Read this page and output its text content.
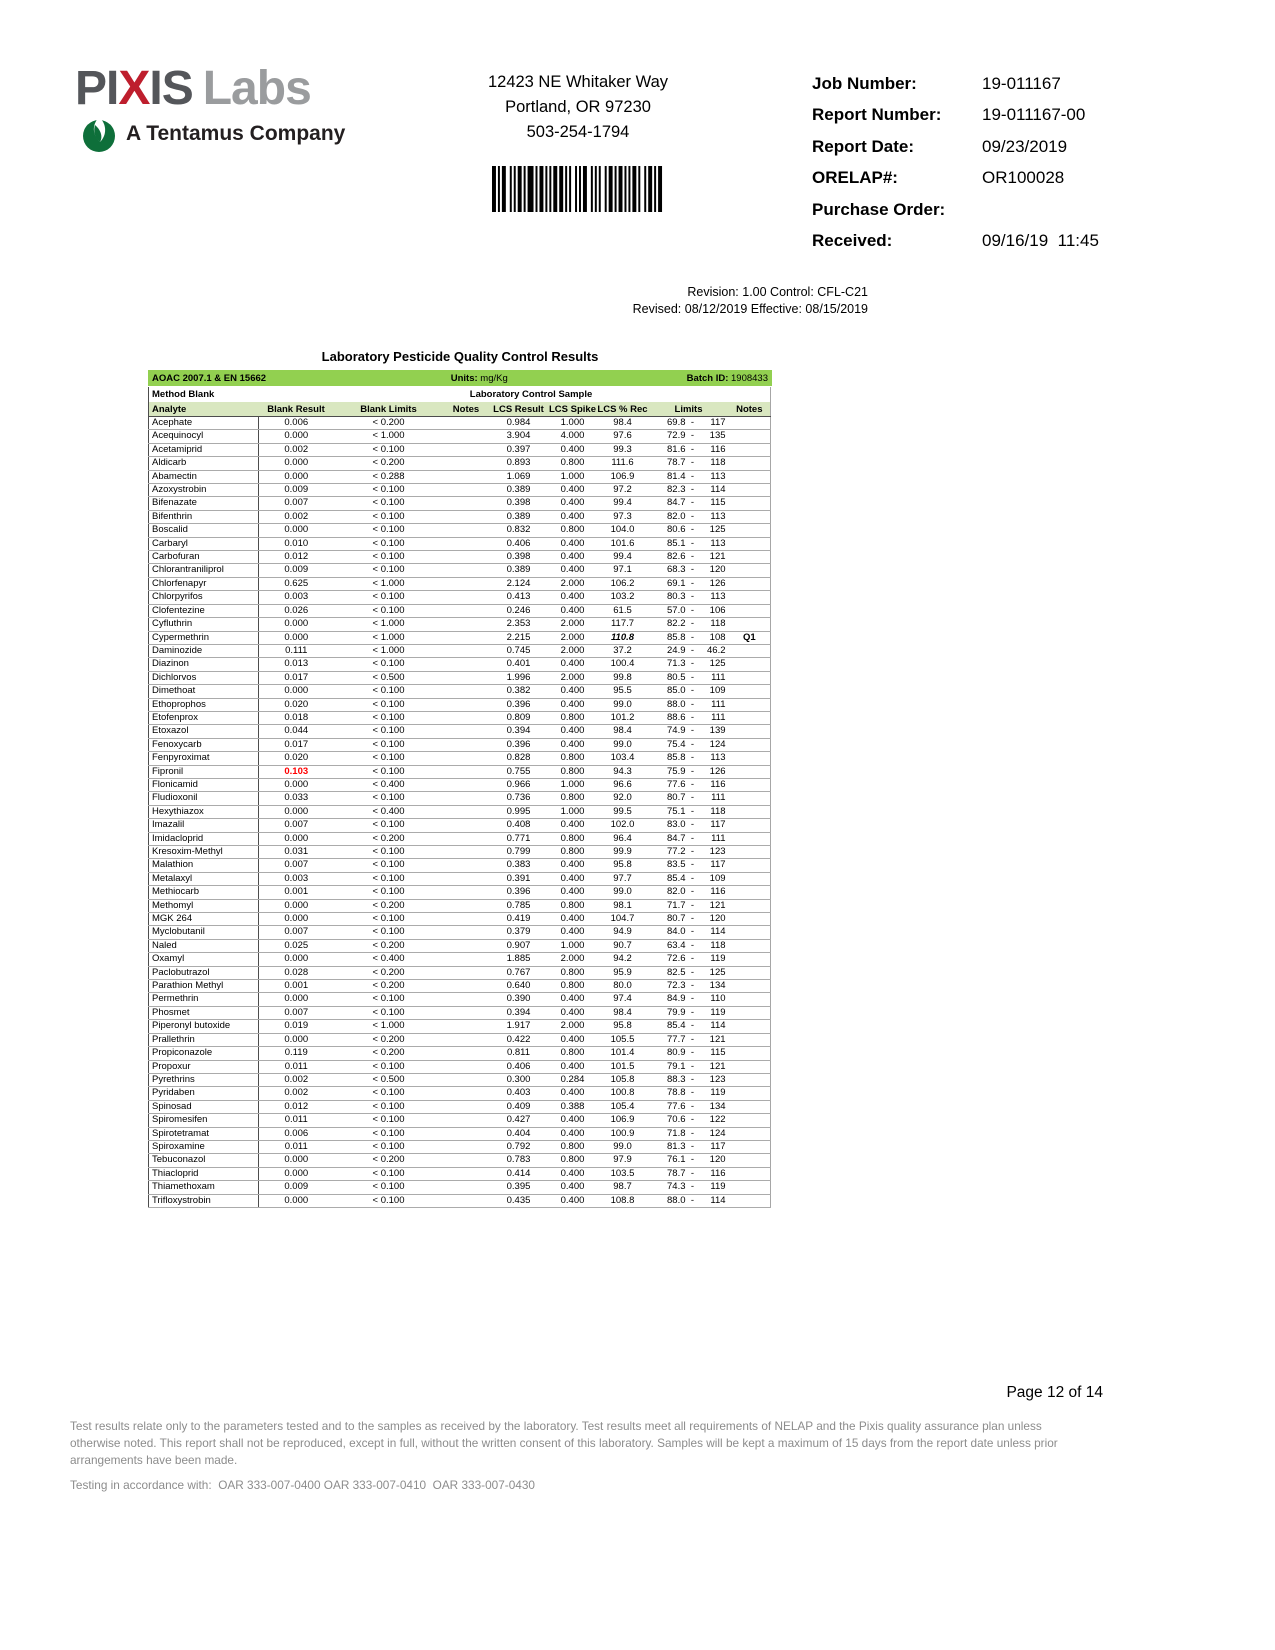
PIXIS Labs
A Tentamus Company
12423 NE Whitaker Way
Portland, OR 97230
503-254-1794
Job Number:	19-011167
Report Number:	19-011167-00
Report Date:	09/23/2019
ORELAP#:	OR100028
Purchase Order:
Received:	09/16/19  11:45
Revision: 1.00 Control: CFL-C21
Revised: 08/12/2019 Effective: 08/15/2019
Laboratory Pesticide Quality Control Results
AOAC 2007.1 & EN 15662	Units: mg/Kg	Batch ID: 1908433
Method Blank		Laboratory Control Sample						
Analyte	Blank Result	Blank Limits	Notes	LCS Result	LCS Spike	LCS % Rec	Limits	Notes
Acephate	0.006	< 0.200		0.984	1.000	98.4	69.8 - 117	
Acequinocyl	0.000	< 1.000		3.904	4.000	97.6	72.9 - 135	
Acetamiprid	0.002	< 0.100		0.397	0.400	99.3	81.6 - 116	
Aldicarb	0.000	< 0.200		0.893	0.800	111.6	78.7 - 118	
Abamectin	0.000	< 0.288		1.069	1.000	106.9	81.4 - 113	
Azoxystrobin	0.009	< 0.100		0.389	0.400	97.2	82.3 - 114	
Bifenazate	0.007	< 0.100		0.398	0.400	99.4	84.7 - 115	
Bifenthrin	0.002	< 0.100		0.389	0.400	97.3	82.0 - 113	
Boscalid	0.000	< 0.100		0.832	0.800	104.0	80.6 - 125	
Carbaryl	0.010	< 0.100		0.406	0.400	101.6	85.1 - 113	
Carbofuran	0.012	< 0.100		0.398	0.400	99.4	82.6 - 121	
Chlorantraniliprol	0.009	< 0.100		0.389	0.400	97.1	68.3 - 120	
Chlorfenapyr	0.625	< 1.000		2.124	2.000	106.2	69.1 - 126	
Chlorpyrifos	0.003	< 0.100		0.413	0.400	103.2	80.3 - 113	
Clofentezine	0.026	< 0.100		0.246	0.400	61.5	57.0 - 106	
Cyfluthrin	0.000	< 1.000		2.353	2.000	117.7	82.2 - 118	
Cypermethrin	0.000	< 1.000		2.215	2.000	110.8	85.8 - 108	Q1
Daminozide	0.111	< 1.000		0.745	2.000	37.2	24.9 - 46.2	
Diazinon	0.013	< 0.100		0.401	0.400	100.4	71.3 - 125	
Dichlorvos	0.017	< 0.500		1.996	2.000	99.8	80.5 - 111	
Dimethoat	0.000	< 0.100		0.382	0.400	95.5	85.0 - 109	
Ethoprophos	0.020	< 0.100		0.396	0.400	99.0	88.0 - 111	
Etofenprox	0.018	< 0.100		0.809	0.800	101.2	88.6 - 111	
Etoxazol	0.044	< 0.100		0.394	0.400	98.4	74.9 - 139	
Fenoxycarb	0.017	< 0.100		0.396	0.400	99.0	75.4 - 124	
Fenpyroximat	0.020	< 0.100		0.828	0.800	103.4	85.8 - 113	
Fipronil	0.103	< 0.100		0.755	0.800	94.3	75.9 - 126	
Flonicamid	0.000	< 0.400		0.966	1.000	96.6	77.6 - 116	
Fludioxonil	0.033	< 0.100		0.736	0.800	92.0	80.7 - 111	
Hexythiazox	0.000	< 0.400		0.995	1.000	99.5	75.1 - 118	
Imazalil	0.007	< 0.100		0.408	0.400	102.0	83.0 - 117	
Imidacloprid	0.000	< 0.200		0.771	0.800	96.4	84.7 - 111	
Kresoxim-Methyl	0.031	< 0.100		0.799	0.800	99.9	77.2 - 123	
Malathion	0.007	< 0.100		0.383	0.400	95.8	83.5 - 117	
Metalaxyl	0.003	< 0.100		0.391	0.400	97.7	85.4 - 109	
Methiocarb	0.001	< 0.100		0.396	0.400	99.0	82.0 - 116	
Methomyl	0.000	< 0.200		0.785	0.800	98.1	71.7 - 121	
MGK 264	0.000	< 0.100		0.419	0.400	104.7	80.7 - 120	
Myclobutanil	0.007	< 0.100		0.379	0.400	94.9	84.0 - 114	
Naled	0.025	< 0.200		0.907	1.000	90.7	63.4 - 118	
Oxamyl	0.000	< 0.400		1.885	2.000	94.2	72.6 - 119	
Paclobutrazol	0.028	< 0.200		0.767	0.800	95.9	82.5 - 125	
Parathion Methyl	0.001	< 0.200		0.640	0.800	80.0	72.3 - 134	
Permethrin	0.000	< 0.100		0.390	0.400	97.4	84.9 - 110	
Phosmet	0.007	< 0.100		0.394	0.400	98.4	79.9 - 119	
Piperonyl butoxide	0.019	< 1.000		1.917	2.000	95.8	85.4 - 114	
Prallethrin	0.000	< 0.200		0.422	0.400	105.5	77.7 - 121	
Propiconazole	0.119	< 0.200		0.811	0.800	101.4	80.9 - 115	
Propoxur	0.011	< 0.100		0.406	0.400	101.5	79.1 - 121	
Pyrethrins	0.002	< 0.500		0.300	0.284	105.8	88.3 - 123	
Pyridaben	0.002	< 0.100		0.403	0.400	100.8	78.8 - 119	
Spinosad	0.012	< 0.100		0.409	0.388	105.4	77.6 - 134	
Spiromesifen	0.011	< 0.100		0.427	0.400	106.9	70.6 - 122	
Spirotetramat	0.006	< 0.100		0.404	0.400	100.9	71.8 - 124	
Spiroxamine	0.011	< 0.100		0.792	0.800	99.0	81.3 - 117	
Tebuconazol	0.000	< 0.200		0.783	0.800	97.9	76.1 - 120	
Thiacloprid	0.000	< 0.100		0.414	0.400	103.5	78.7 - 116	
Thiamethoxam	0.009	< 0.100		0.395	0.400	98.7	74.3 - 119	
Trifloxystrobin	0.000	< 0.100		0.435	0.400	108.8	88.0 - 114	
Page 12 of 14
Test results relate only to the parameters tested and to the samples as received by the laboratory. Test results meet all requirements of NELAP and the Pixis quality assurance plan unless otherwise noted. This report shall not be reproduced, except in full, without the written consent of this laboratory. Samples will be kept a maximum of 15 days from the report date unless prior arrangements have been made.
Testing in accordance with:  OAR 333-007-0400 OAR 333-007-0410  OAR 333-007-0430
